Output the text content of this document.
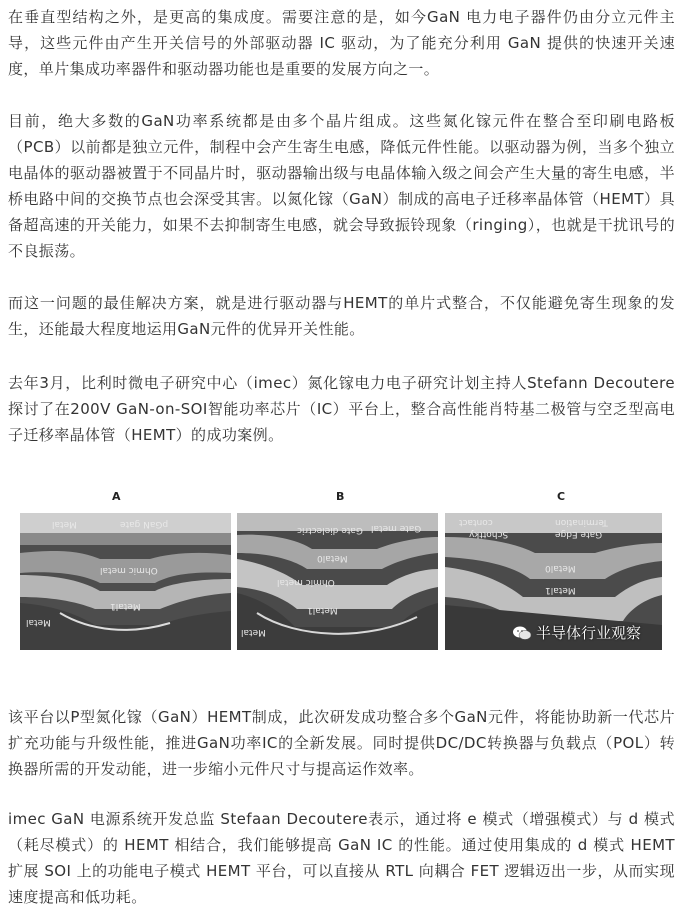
在垂直型结构之外，是更高的集成度。需要注意的是，如今GaN 电力电子器件仍由分立元件主导，这些元件由产生开关信号的外部驱动器 IC 驱动，为了能充分利用 GaN 提供的快速开关速度，单片集成功率器件和驱动器功能也是重要的发展方向之一。

目前，绝大多数的GaN功率系统都是由多个晶片组成。这些氮化镓元件在整合至印刷电路板（PCB）以前都是独立元件，制程中会产生寄生电感，降低元件性能。以驱动器为例，当多个独立电晶体的驱动器被置于不同晶片时，驱动器输出级与电晶体输入级之间会产生大量的寄生电感，半桥电路中间的交换节点也会深受其害。以氮化镓（GaN）制成的高电子迁移率晶体管（HEMT）具备超高速的开关能力，如果不去抑制寄生电感，就会导致振铃现象（ringing），也就是干扰讯号的不良振荡。

而这一问题的最佳解决方案，就是进行驱动器与HEMT的单片式整合，不仅能避免寄生现象的发生，还能最大程度地运用GaN元件的优异开关性能。

去年3月，比利时微电子研究中心（imec）氮化镓电力电子研究计划主持人Stefann Decoutere探讨了在200V GaN-on-SOI智能功率芯片（IC）平台上，整合高性能肖特基二极管与空乏型高电子迁移率晶体管（HEMT）的成功案例。

A	B	C
Metal
pGaN gate
Ohmic metal
Metal1
Metal
Gate dielectric Gate metal
Metal0
Ohmic metal
Metal1
Metal
contact	Termination
Schottky	Gate Edge
Metal0
Metal1
半导体行业观察

该平台以P型氮化镓（GaN）HEMT制成，此次研发成功整合多个GaN元件，将能协助新一代芯片扩充功能与升级性能，推进GaN功率IC的全新发展。同时提供DC/DC转换器与负载点（POL）转换器所需的开发动能，进一步缩小元件尺寸与提高运作效率。

imec GaN 电源系统开发总监 Stefaan Decoutere表示，通过将 e 模式（增强模式）与 d 模式（耗尽模式）的 HEMT 相结合，我们能够提高 GaN IC 的性能。通过使用集成的 d 模式 HEMT 扩展 SOI 上的功能电子模式 HEMT 平台，可以直接从 RTL 向耦合 FET 逻辑迈出一步，从而实现速度提高和低功耗。
